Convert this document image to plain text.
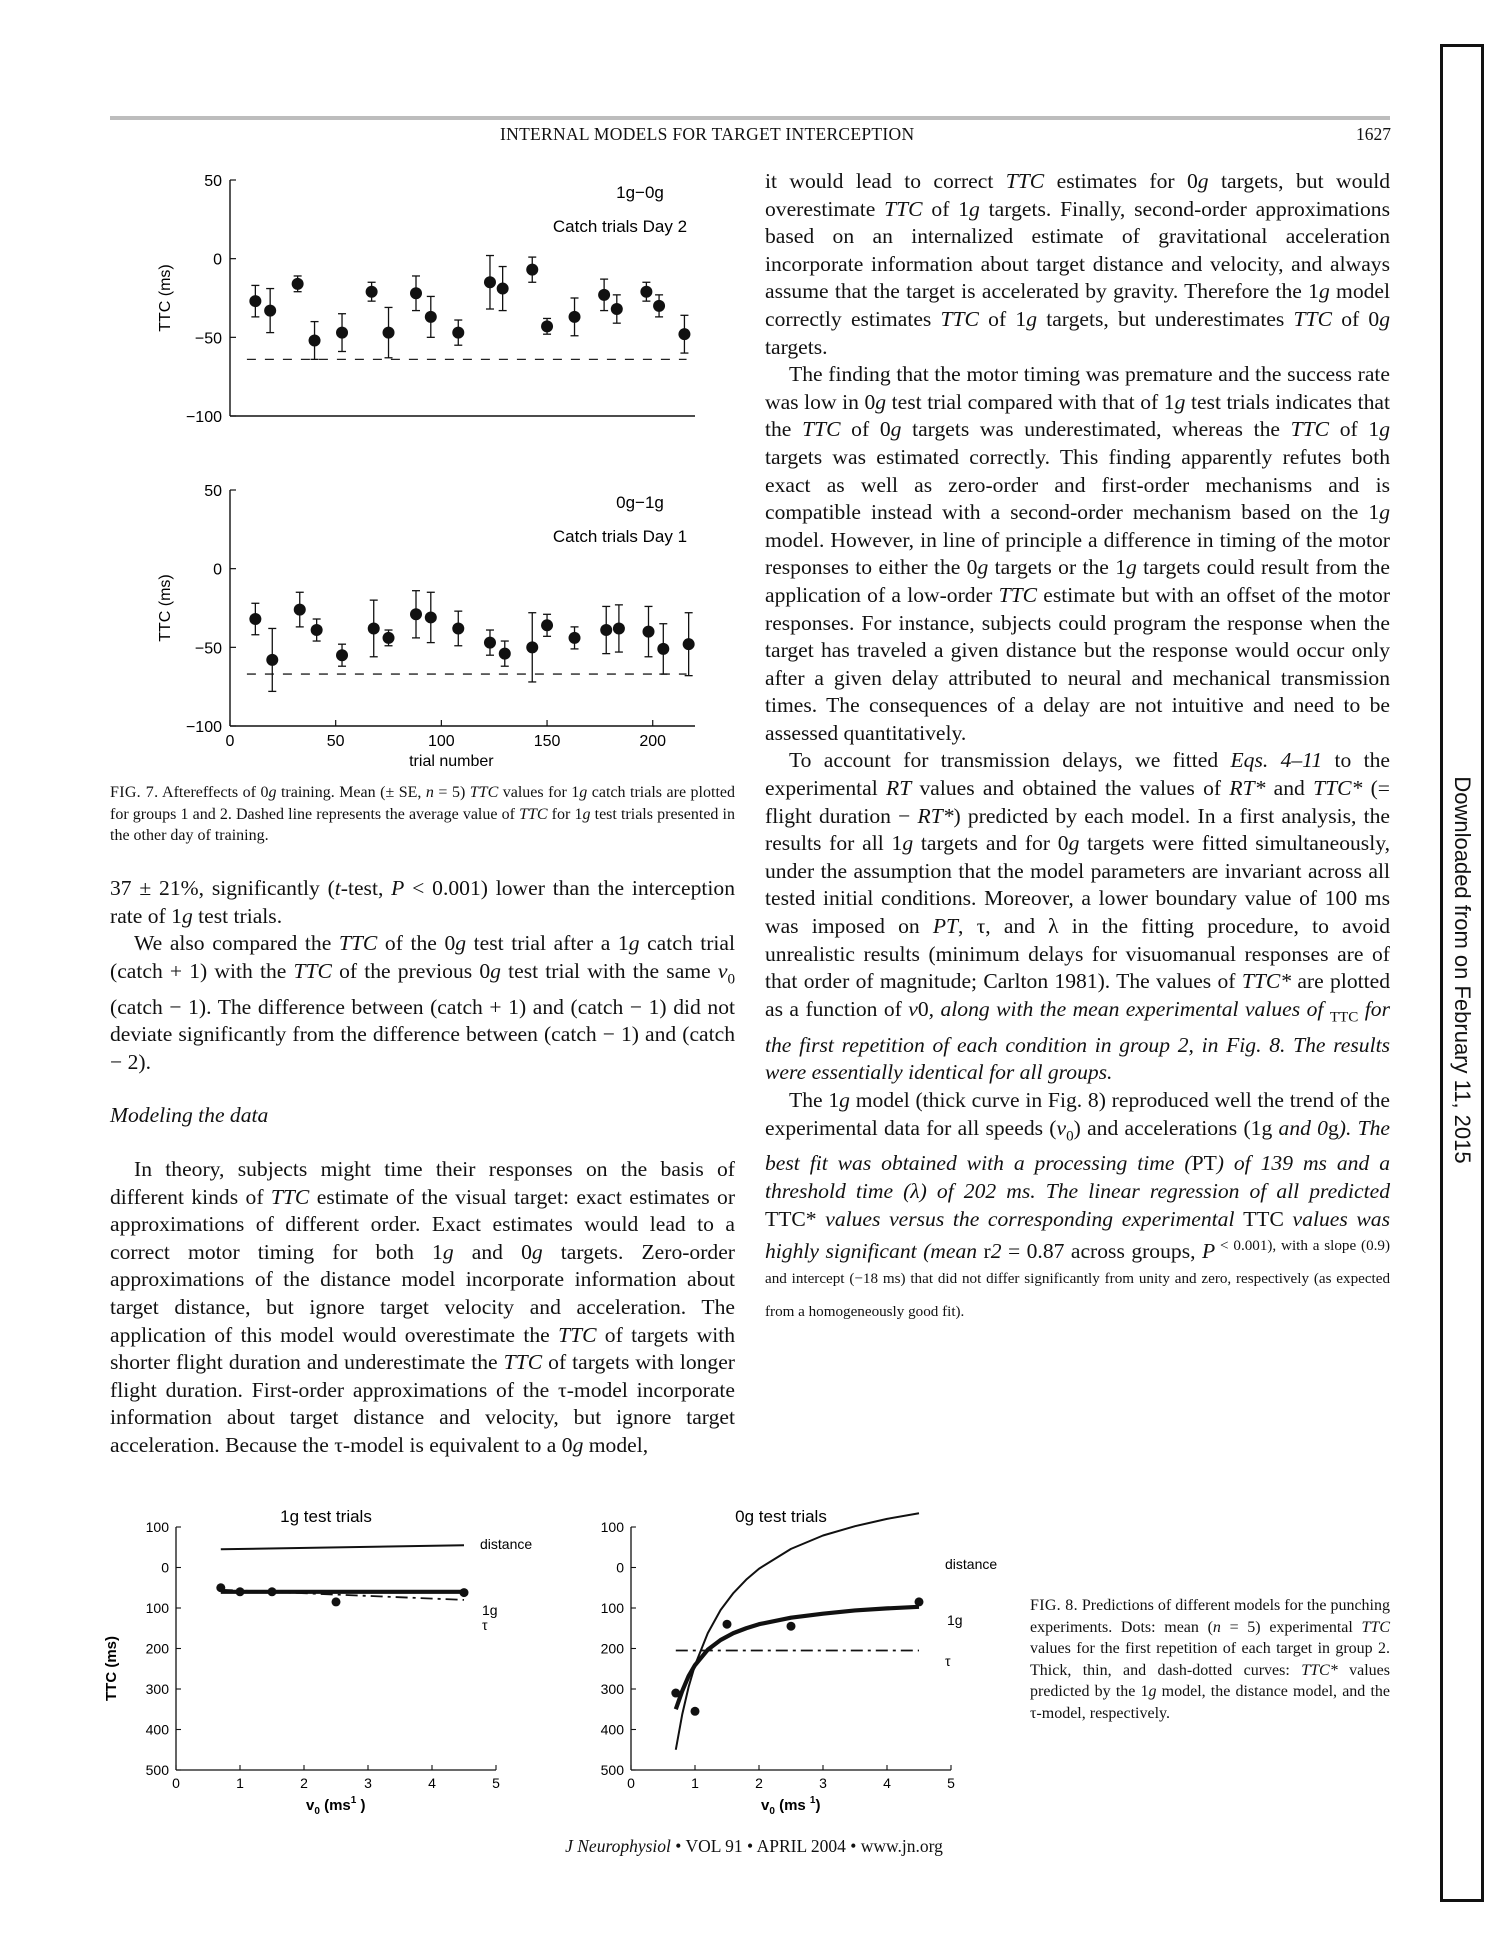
INTERNAL MODELS FOR TARGET INTERCEPTION	1627
50
0
−50
−100
TTC (ms)
1g−0g
Catch trials Day 2
50
0
−50
−100
TTC (ms)
0g−1g
Catch trials Day 1
0	50	100	150	200
trial number
FIG. 7. Aftereffects of 0g training. Mean (± SE, n = 5) TTC values for 1g catch trials are plotted for groups 1 and 2. Dashed line represents the average value of TTC for 1g test trials presented in the other day of training.

37 ± 21%, significantly (t-test, P < 0.001) lower than the interception rate of 1g test trials.

We also compared the TTC of the 0g test trial after a 1g catch trial (catch + 1) with the TTC of the previous 0g test trial with the same $v_0$ (catch − 1). The difference between (catch + 1) and (catch − 1) did not deviate significantly from the difference between (catch − 1) and (catch − 2).

Modeling the data

In theory, subjects might time their responses on the basis of different kinds of TTC estimate of the visual target: exact estimates or approximations of different order. Exact estimates would lead to a correct motor timing for both 1g and 0g targets. Zero-order approximations of the distance model incorporate information about target distance, but ignore target velocity and acceleration. The application of this model would overestimate the TTC of targets with shorter flight duration and underestimate the TTC of targets with longer flight duration. First-order approximations of the τ-model incorporate information about target distance and velocity, but ignore target acceleration. Because the τ-model is equivalent to a 0g model,

it would lead to correct TTC estimates for 0g targets, but would overestimate TTC of 1g targets. Finally, second-order approximations based on an internalized estimate of gravitational acceleration incorporate information about target distance and velocity, and always assume that the target is accelerated by gravity. Therefore the 1g model correctly estimates TTC of 1g targets, but underestimates TTC of 0g targets.

The finding that the motor timing was premature and the success rate was low in 0g test trial compared with that of 1g test trials indicates that the TTC of 0g targets was underestimated, whereas the TTC of 1g targets was estimated correctly. This finding apparently refutes both exact as well as zero-order and first-order mechanisms and is compatible instead with a second-order mechanism based on the 1g model. However, in line of principle a difference in timing of the motor responses to either the 0g targets or the 1g targets could result from the application of a low-order TTC estimate but with an offset of the motor responses. For instance, subjects could program the response when the target has traveled a given distance but the response would occur only after a given delay attributed to neural and mechanical transmission times. The consequences of a delay are not intuitive and need to be assessed quantitatively.

To account for transmission delays, we fitted Eqs. 4–11 to the experimental RT values and obtained the values of RT* and TTC* (= flight duration − RT*) predicted by each model. In a first analysis, the results for all 1g targets and for 0g targets were fitted simultaneously, under the assumption that the model parameters are invariant across all tested initial conditions. Moreover, a lower boundary value of 100 ms was imposed on PT, τ, and λ in the fitting procedure, to avoid unrealistic results (minimum delays for visuomanual responses are of that order of magnitude; Carlton 1981). The values of TTC* are plotted as a function of v0, along with the mean experimental values of $_{TTC}$ for the first repetition of each condition in group 2, in Fig. 8. The results were essentially identical for all groups.

The 1g model (thick curve in Fig. 8) reproduced well the trend of the experimental data for all speeds $(v_0)$ and accelerations (1g and 0g). The best fit was obtained with a processing time (PT) of 139 ms and a threshold time (λ) of 202 ms. The linear regression of all predicted TTC* values versus the corresponding experimental TTC values was highly significant (mean r2 = 0.87 across groups, P $^{< 0.001), with a slope (0.9) and intercept (-18 ms) that did not differ significantly from unity and zero, respectively (as expected from a homogeneously good fit).}$

100
0
100
200
300
400
500
0	1	2	3	4	5
TTC (ms)
1g test trials
$v_0$ ($ms^1$ )
distance
1g
τ
100
0
100
200
300
400
500
0	1	2	3	4	5
0g test trials
$v_0$ (ms $^1$)
distance
1g
τ
FIG. 8. Predictions of different models for the punching experiments. Dots: mean (n = 5) experimental TTC values for the first repetition of each target in group 2. Thick, thin, and dash-dotted curves: TTC* values predicted by the 1g model, the distance model, and the τ-model, respectively.
J Neurophysiol • VOL 91 • APRIL 2004 • www.jn.org
Downloaded from on February 11, 2015
